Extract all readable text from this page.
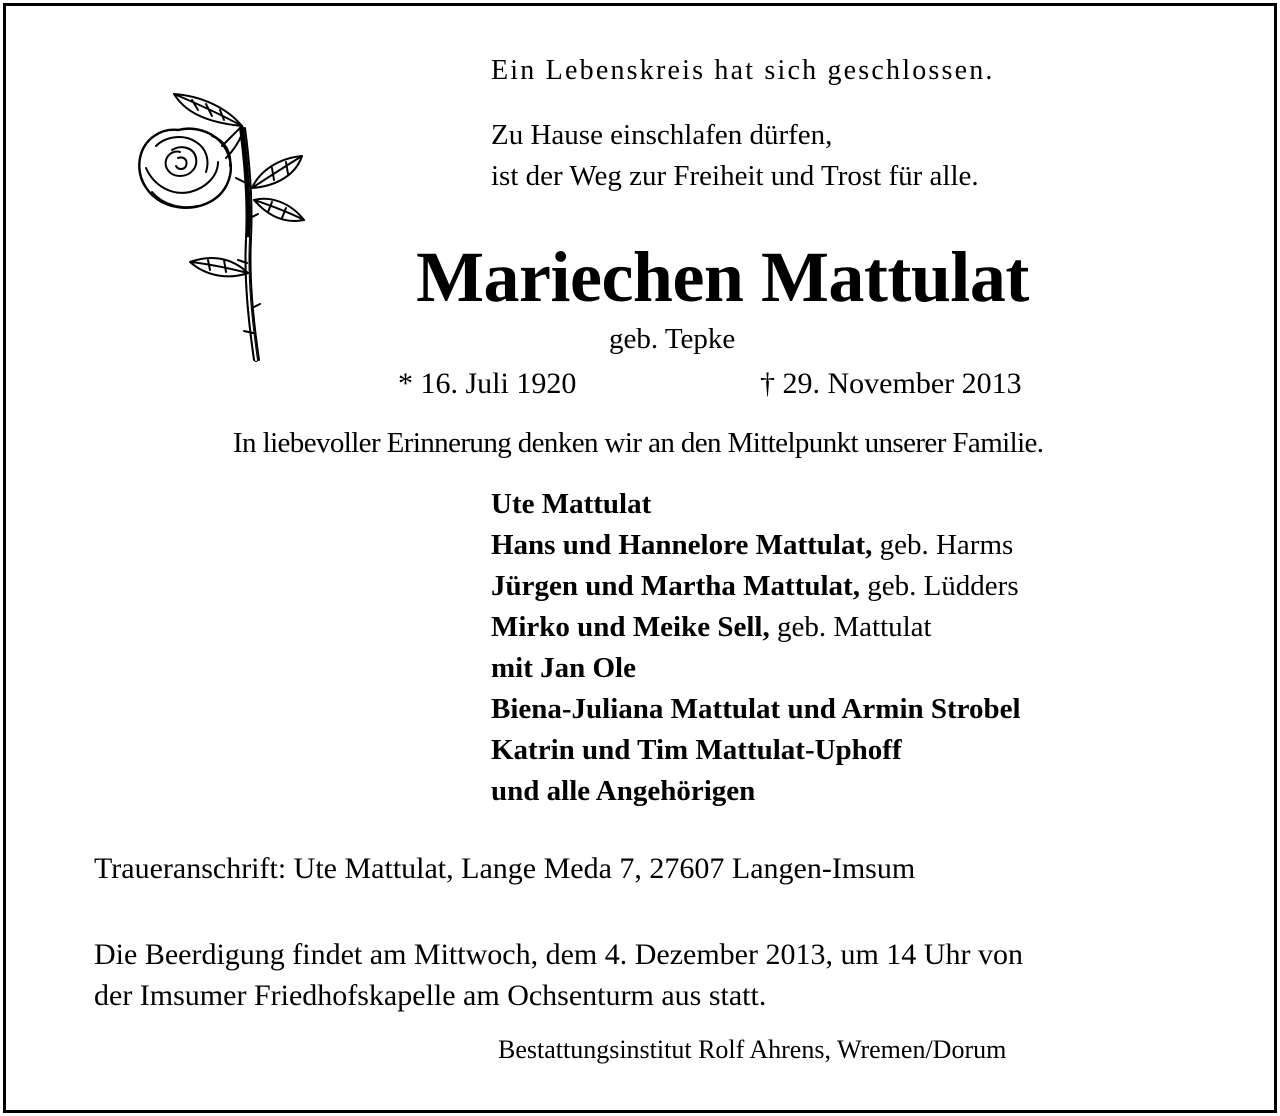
Ein Lebenskreis hat sich geschlossen.
Zu Hause einschlafen dürfen,
ist der Weg zur Freiheit und Trost für alle.
Mariechen Mattulat
geb. Tepke
* 16. Juli 1920	† 29. November 2013
In liebevoller Erinnerung denken wir an den Mittelpunkt unserer Familie.
Ute Mattulat
Hans und Hannelore Mattulat, geb. Harms
Jürgen und Martha Mattulat, geb. Lüdders
Mirko und Meike Sell, geb. Mattulat
mit Jan Ole
Biena-Juliana Mattulat und Armin Strobel
Katrin und Tim Mattulat-Uphoff
und alle Angehörigen
Traueranschrift: Ute Mattulat, Lange Meda 7, 27607 Langen-Imsum
Die Beerdigung findet am Mittwoch, dem 4. Dezember 2013, um 14 Uhr von
der Imsumer Friedhofskapelle am Ochsenturm aus statt.
Bestattungsinstitut Rolf Ahrens, Wremen/Dorum
